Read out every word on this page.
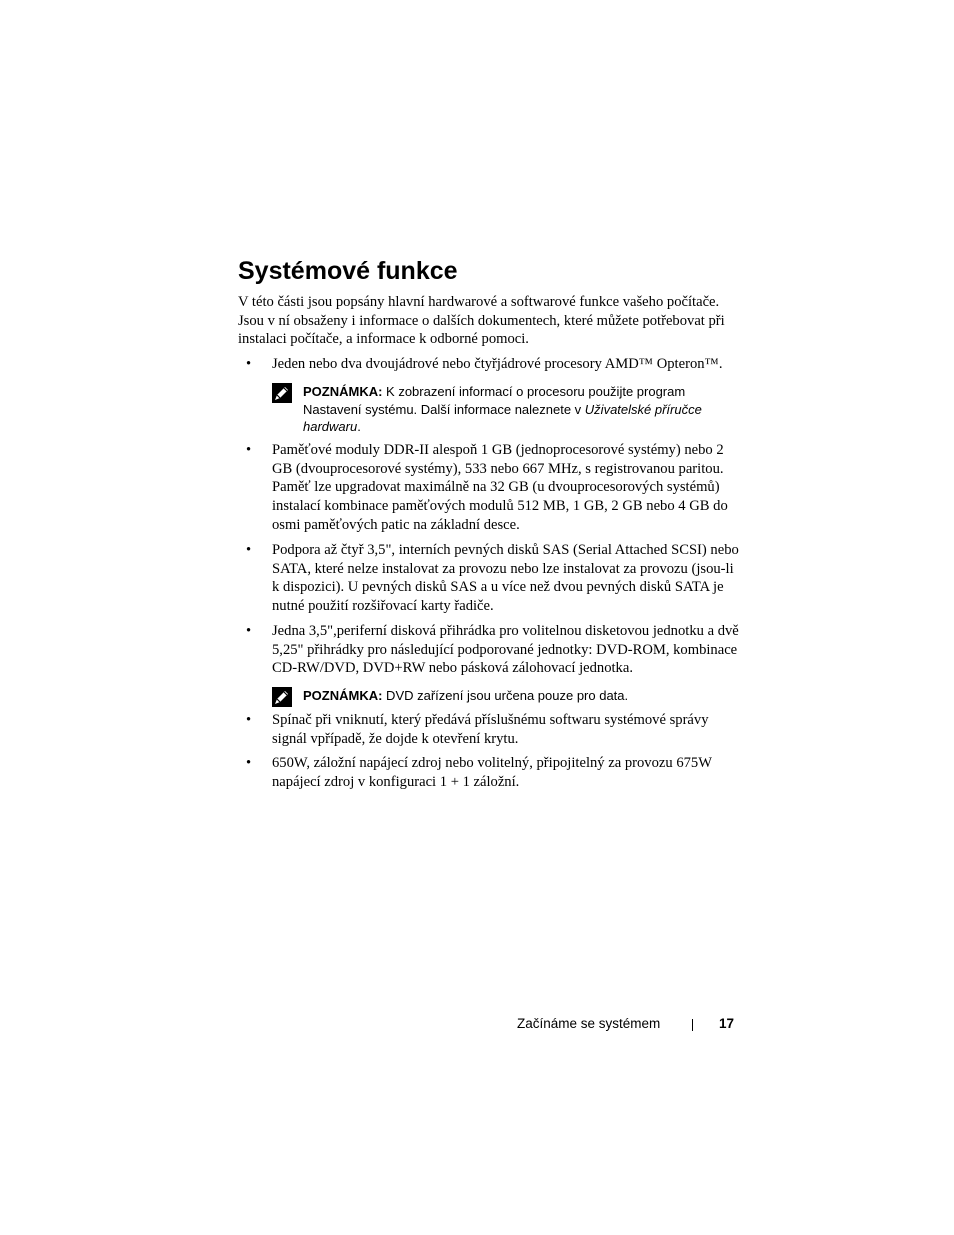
Systémové funkce

V této části jsou popsány hlavní hardwarové a softwarové funkce vašeho počítače. Jsou v ní obsaženy i informace o dalších dokumentech, které můžete potřebovat při instalaci počítače, a informace k odborné pomoci.

• Jeden nebo dva dvoujádrové nebo čtyřjádrové procesory AMD™ Opteron™.

POZNÁMKA: K zobrazení informací o procesoru použijte program Nastavení systému. Další informace naleznete v Uživatelské příručce hardwaru.

• Paměťové moduly DDR-II alespoň 1 GB (jednoprocesorové systémy) nebo 2 GB (dvouprocesorové systémy), 533 nebo 667 MHz, s registrovanou paritou. Paměť lze upgradovat maximálně na 32 GB (u dvouprocesorových systémů) instalací kombinace paměťových modulů 512 MB, 1 GB, 2 GB nebo 4 GB do osmi paměťových patic na základní desce.

• Podpora až čtyř 3,5", interních pevných disků SAS (Serial Attached SCSI) nebo SATA, které nelze instalovat za provozu nebo lze instalovat za provozu (jsou-li k dispozici). U pevných disků SAS a u více než dvou pevných disků SATA je nutné použití rozšiřovací karty řadiče.

• Jedna 3,5",periferní disková přihrádka pro volitelnou disketovou jednotku a dvě 5,25" přihrádky pro následující podporované jednotky: DVD-ROM, kombinace CD-RW/DVD, DVD+RW nebo pásková zálohovací jednotka.

POZNÁMKA: DVD zařízení jsou určena pouze pro data.

• Spínač při vniknutí, který předává příslušnému softwaru systémové správy signál vpřípadě, že dojde k otevření krytu.

• 650W, záložní napájecí zdroj nebo volitelný, připojitelný za provozu 675W napájecí zdroj v konfiguraci 1 + 1 záložní.

Začínáme se systémem	17
